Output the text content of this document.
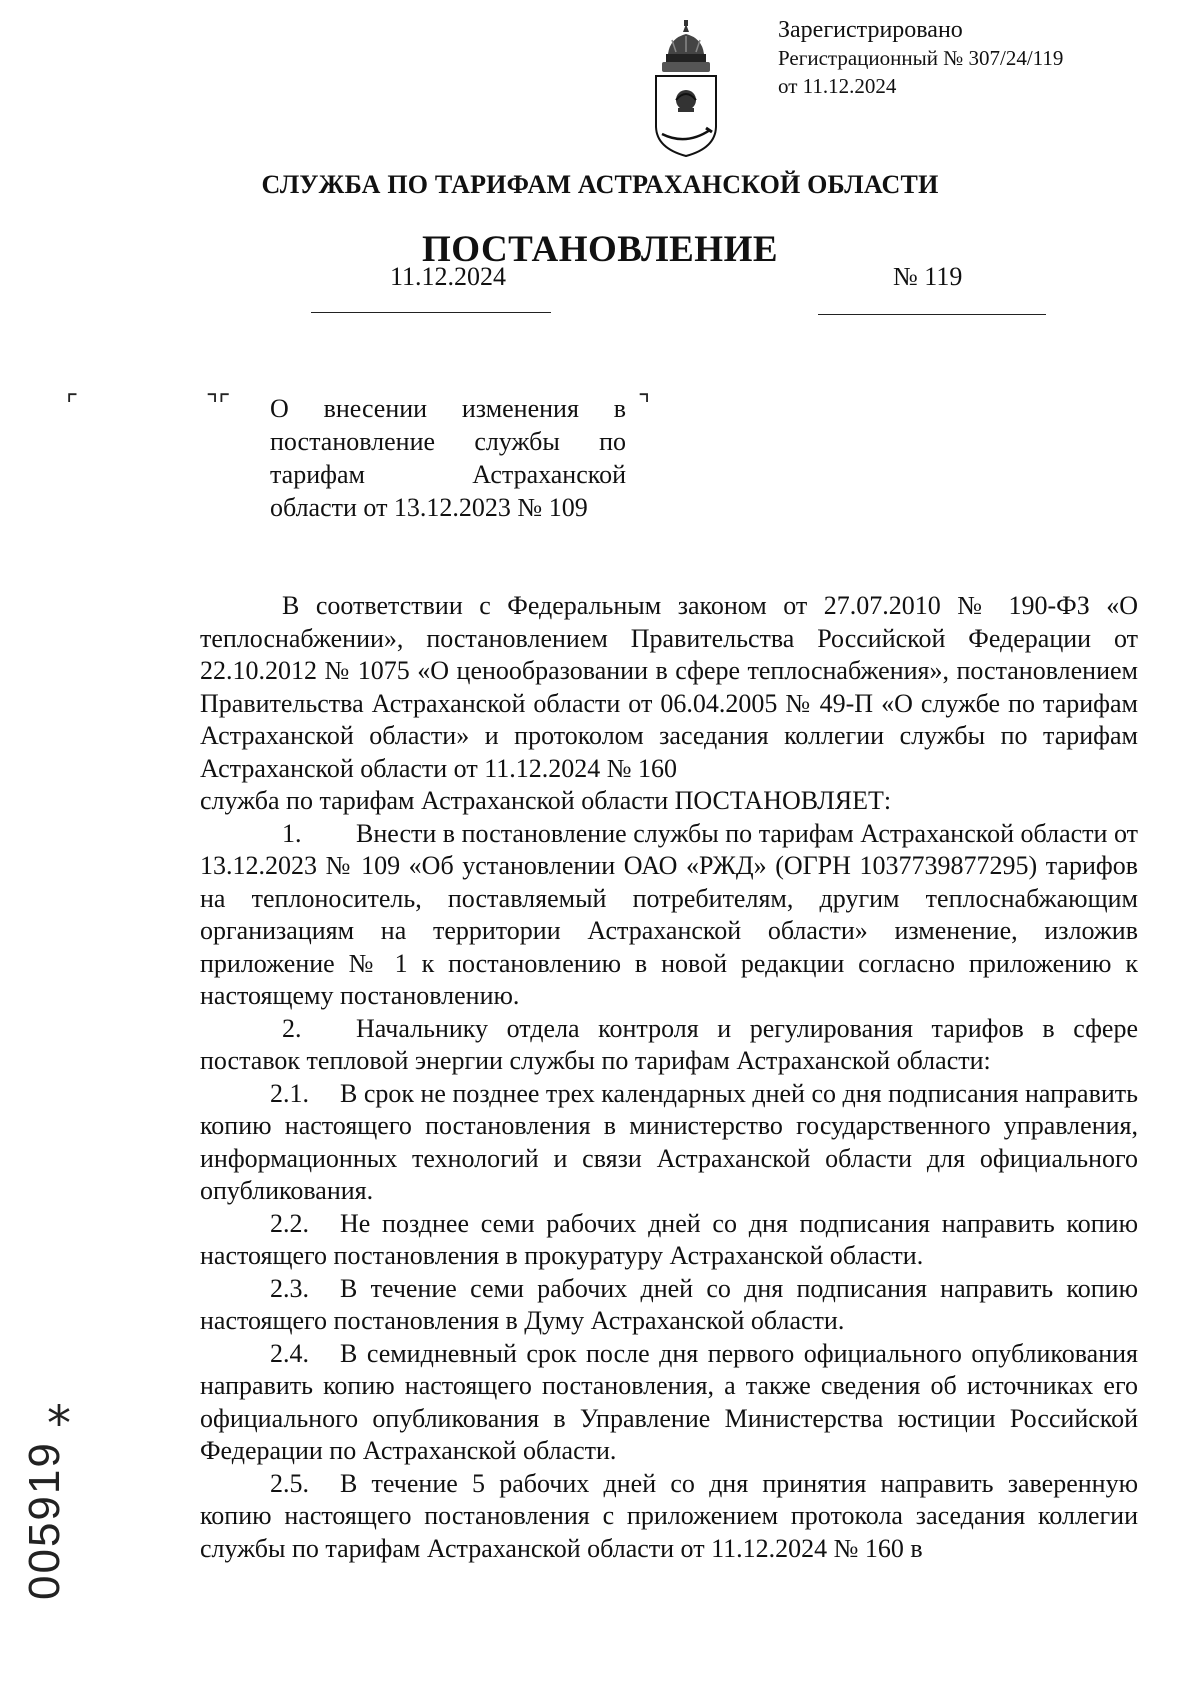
Зарегистрировано
Регистрационный № 307/24/119
от 11.12.2024
СЛУЖБА ПО ТАРИФАМ АСТРАХАНСКОЙ ОБЛАСТИ
ПОСТАНОВЛЕНИЕ
11.12.2024	№ 119
⌜	⌝⌜	⌝

О внесении изменения в

постановление службы по

тарифам Астраханской

области от 13.12.2023 № 109

В соответствии с Федеральным законом от 27.07.2010 № 190-ФЗ «О теплоснабжении», постановлением Правительства Российской Федерации от 22.10.2012 № 1075 «О ценообразовании в сфере теплоснабжения», постановлением Правительства Астраханской области от 06.04.2005 № 49-П «О службе по тарифам Астраханской области» и протоколом заседания коллегии службы по тарифам Астраханской области от 11.12.2024 № 160

служба по тарифам Астраханской области ПОСТАНОВЛЯЕТ:

1. Внести в постановление службы по тарифам Астраханской области от 13.12.2023 № 109 «Об установлении ОАО «РЖД» (ОГРН 1037739877295) тарифов на теплоноситель, поставляемый потребителям, другим теплоснабжающим организациям на территории Астраханской области» изменение, изложив приложение № 1 к постановлению в новой редакции согласно приложению к настоящему постановлению.

2. Начальнику отдела контроля и регулирования тарифов в сфере поставок тепловой энергии службы по тарифам Астраханской области:

2.1. В срок не позднее трех календарных дней со дня подписания направить копию настоящего постановления в министерство государственного управления, информационных технологий и связи Астраханской области для официального опубликования.

2.2. Не позднее семи рабочих дней со дня подписания направить копию настоящего постановления в прокуратуру Астраханской области.

2.3. В течение семи рабочих дней со дня подписания направить копию настоящего постановления в Думу Астраханской области.

2.4. В семидневный срок после дня первого официального опубликования направить копию настоящего постановления, а также сведения об источниках его официального опубликования в Управление Министерства юстиции Российской Федерации по Астраханской области.

2.5. В течение 5 рабочих дней со дня принятия направить заверенную копию настоящего постановления с приложением протокола заседания коллегии службы по тарифам Астраханской области от 11.12.2024 № 160 в

*
005919
